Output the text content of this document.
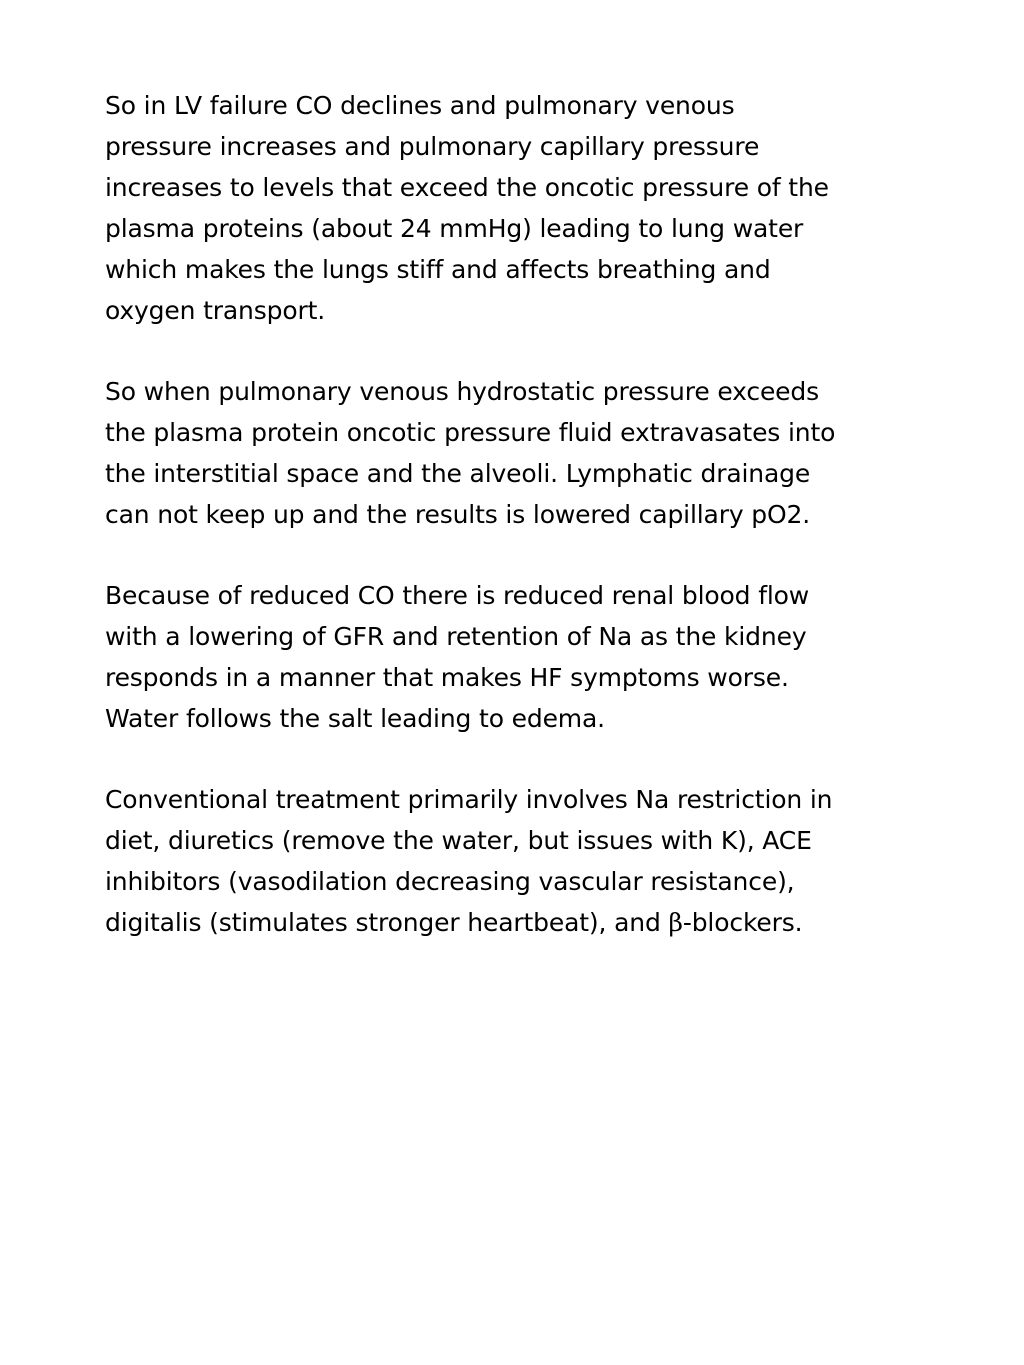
So in LV failure CO declines and pulmonary venous
pressure increases and pulmonary capillary pressure
increases to levels that exceed the oncotic pressure of the
plasma proteins (about 24 mmHg) leading to lung water
which makes the lungs stiff and affects breathing and
oxygen transport.

So when pulmonary venous hydrostatic pressure exceeds
the plasma protein oncotic pressure fluid extravasates into
the interstitial space and the alveoli. Lymphatic drainage
can not keep up and the results is lowered capillary pO2.

Because of reduced CO there is reduced renal blood flow
with a lowering of GFR and retention of Na as the kidney
responds in a manner that makes HF symptoms worse.
Water follows the salt leading to edema.

Conventional treatment primarily involves Na restriction in
diet, diuretics (remove the water, but issues with K), ACE
inhibitors (vasodilation decreasing vascular resistance),
digitalis (stimulates stronger heartbeat), and β-blockers.
